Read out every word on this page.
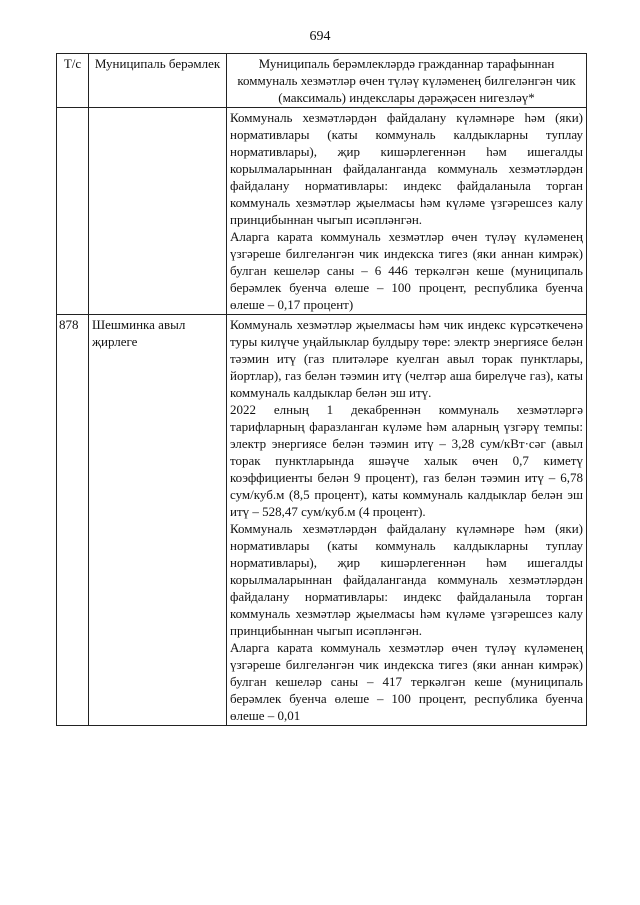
694
Т/с	Муниципаль берәмлек	Муниципаль берәмлекләрдә гражданнар тарафыннан коммуналь хезмәтләр өчен түләү күләменең билгеләнгән чик (максималь) индекслары дәрәҗәсен нигезләү*

		Коммуналь хезмәтләрдән файдалану күләмнәре һәм (яки) нормативлары (каты коммуналь калдыкларны туплау нормативлары), җир кишәрлегеннән һәм ишегалды корылмаларыннан файдаланганда коммуналь хезмәтләрдән файдалану нормативлары: индекс файдаланыла торган коммуналь хезмәтләр җыелмасы һәм күләме үзгәрешсез калу принцибыннан чыгып исәпләнгән.

Аларга карата коммуналь хезмәтләр өчен түләү күләменең үзгәреше билгеләнгән чик индекска тигез (яки аннан кимрәк) булган кешеләр саны – 6 446 теркәлгән кеше (муниципаль берәмлек буенча өлеше – 100 процент, республика буенча өлеше – 0,17 процент)

878	Шешминка авыл җирлеге	Коммуналь хезмәтләр җыелмасы һәм чик индекс күрсәткеченә туры килүче уңайлыклар булдыру төре: электр энергиясе белән тәэмин итү (газ плитәләре куелган авыл торак пунктлары, йортлар), газ белән тәэмин итү (челтәр аша бирелүче газ), каты коммуналь калдыклар белән эш итү.

2022 елның 1 декабреннән коммуналь хезмәтләргә тарифларның фаразланган күләме һәм аларның үзгәрү темпы: электр энергиясе белән тәэмин итү – 3,28 сум/кВт·сәг (авыл торак пунктларында яшәүче халык өчен 0,7 киметү коэффициенты белән 9 процент), газ белән тәэмин итү – 6,78 сум/куб.м (8,5 процент), каты коммуналь калдыклар белән эш итү – 528,47 сум/куб.м (4 процент).

Коммуналь хезмәтләрдән файдалану күләмнәре һәм (яки) нормативлары (каты коммуналь калдыкларны туплау нормативлары), җир кишәрлегеннән һәм ишегалды корылмаларыннан файдаланганда коммуналь хезмәтләрдән файдалану нормативлары: индекс файдаланыла торган коммуналь хезмәтләр җыелмасы һәм күләме үзгәрешсез калу принцибыннан чыгып исәпләнгән.

Аларга карата коммуналь хезмәтләр өчен түләү күләменең үзгәреше билгеләнгән чик индекска тигез (яки аннан кимрәк) булган кешеләр саны – 417 теркәлгән кеше (муниципаль берәмлек буенча өлеше – 100 процент, республика буенча өлеше – 0,01
